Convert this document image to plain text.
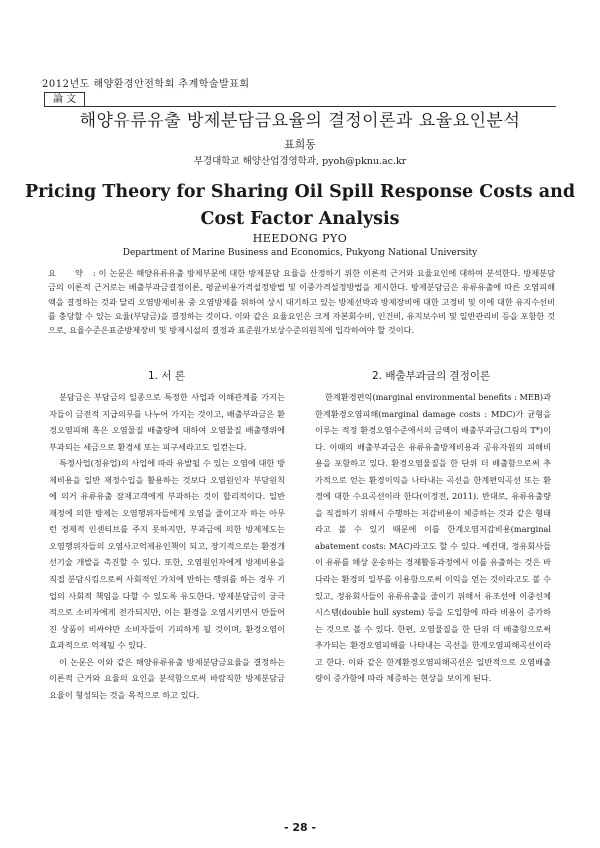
2012년도 해양환경안전학회 추계학술발표회
論 文
해양유류유출 방제분담금요율의 결정이론과 요율요인분석
표희동
부경대학교 해양산업경영학과, pyoh@pknu.ac.kr
Pricing Theory for Sharing Oil Spill Response Costs and
Cost Factor Analysis
HEEDONG PYO
Department of Marine Business and Economics, Pukyong National University
요 약 : 이 논문은 해양유류유출 방제부문에 대한 방제분담 요율을 산정하기 위한 이론적 근거와 요율요인에 대하여 분석한다. 방제분담금의 이론적 근거로는 배출부과금결정이론, 평균비용가격설정방법 및 이중가격설정방법을 제시한다. 방제분담금은 유류유출에 따른 오염피해액을 결정하는 것과 달리 오염방제비용 중 오염방제를 위하여 상시 대기하고 있는 방제선박과 방제장비에 대한 고정비 및 이에 대한 유지수선비를 충당할 수 있는 요율(부담금)을 결정하는 것이다. 이와 같은 요율요인은 크게 자본회수비, 인건비, 유지보수비 및 일반관리비 등을 포함한 것으로, 요율수준은표준방제장비 및 방제시설의 결정과 표준원가보상수준의원칙에 입각하여야 할 것이다.
1. 서 론	2. 배출부과금의 결정이론

분담금은 부담금의 일종으로 특정한 사업과 이해관계를 가지는 자들이 금전적 지급의무를 나누어 가지는 것이고, 배출부과금은 환경오염피해 혹은 오염물질 배출량에 대하여 오염물질 배출행위에 부과되는 세금으로 환경세 또는 피구세라고도 일컫는다.

특정사업(정유업)의 사업에 따라 유발될 수 있는 오염에 대한 방제비용을 일반 재정수입을 활용하는 것보다 오염원인자 부담원칙에 의거 유류유출 잠재고객에게 부과하는 것이 합리적이다. 일반 재정에 의한 방제는 오염행위자들에게 오염을 줄이고자 하는 아무런 경제적 인센티브를 주지 못하지만, 부과금에 의한 방제제도는 오염행위자들의 오염사고억제유인책이 되고, 장기적으로는 환경개선기술 개발을 촉진할 수 있다. 또한, 오염원인자에게 방제비용을 직접 분담시킴으로써 사회적인 가치에 반하는 행위를 하는 경우 기업의 사회적 책임을 다할 수 있도록 유도한다. 방제분담금이 궁극적으로 소비자에게 전가되지만, 이는 환경을 오염시키면서 만들어진 상품이 비싸야만 소비자들이 기피하게 될 것이며, 환경오염이 효과적으로 억제될 수 있다.

이 논문은 이와 같은 해양유류유출 방제분담금요율을 결정하는 이론적 근거와 요율의 요인을 분석함으로써 바람직한 방제분담금요율이 형성되는 것을 목적으로 하고 있다.

한계환경편익(marginal environmental benefits : MEB)과 한계환경오염피해(marginal damage costs : MDC)가 균형을 이루는 적정 환경오염수준에서의 금액이 배출부과금(그림의 T*)이다. 이때의 배출부과금은 유류유출방제비용과 공유자원의 피해비용을 포함하고 있다. 환경오염물질을 한 단위 더 배출함으로써 추가적으로 얻는 환경이익을 나타내는 곡선을 한계편익곡선 또는 환경에 대한 수요곡선이라 한다(이정전, 2011). 반대로, 유류유출량을 직접하기 위해서 수행하는 저감비용이 체증하는 것과 같은 형태라고 볼 수 있기 때문에 이를 한계오염저감비용(marginal abatement costs: MAC)라고도 할 수 있다. 예컨대, 정유회사들이 유류를 해상 운송하는 경제활동과정에서 이를 유출하는 것은 바다라는 환경의 일부를 이용함으로써 이익을 얻는 것이라고도 볼 수 있고, 정유회사들이 유류유출을 줄이기 위해서 유조선에 이중선체시스템(double hull system) 등을 도입함에 따라 비용이 증가하는 것으로 볼 수 있다. 한편, 오염물질을 한 단위 더 배출함으로써 추가되는 환경오염피해를 나타내는 곡선을 한계오염피해곡선이라고 한다. 이와 같은 한계환경오염피해곡선은 일반적으로 오염배출량이 증가함에 따라 체증하는 현상을 보이게 된다.

- 28 -
